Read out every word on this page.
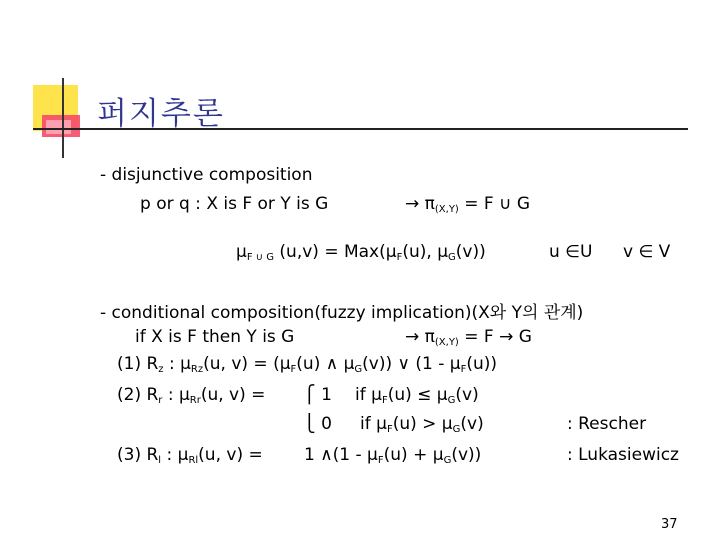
퍼지추론
- disjunctive composition
p or q : X is F or Y is G	→ $\pi_{(X,Y)} = F$ ∪ G
$\mu_{F \cup G}$ $(u,v) = Max(\mu_F(u)$, $\mu_G(v)$)	u ∈U v ∈ V
- conditional composition(fuzzy implication)(X와 Y의 관계)
if X is F then Y is G	→ $\pi_{(X,Y)} = F \to G$
(1) $R_z$ : $\mu_{Rz}(u$, $v) = (\mu_F(u)$ ∧ $\mu_G(v)$) ∨ $(1 - \mu_F(u))$
(2) $R_r$ : $\mu_{Rr}(u$, v) = ⎧ 1 if $\mu_F(u) \le \mu_G(v)$
⎩ 0 if $\mu_F(u) > \mu_G(v)$	: Rescher
(3) $R_l$ : $\mu_{Rl}(u$, v) = 1 ∧(1 - $\mu_F(u) + \mu_G(v)$)	: Lukasiewicz
37
